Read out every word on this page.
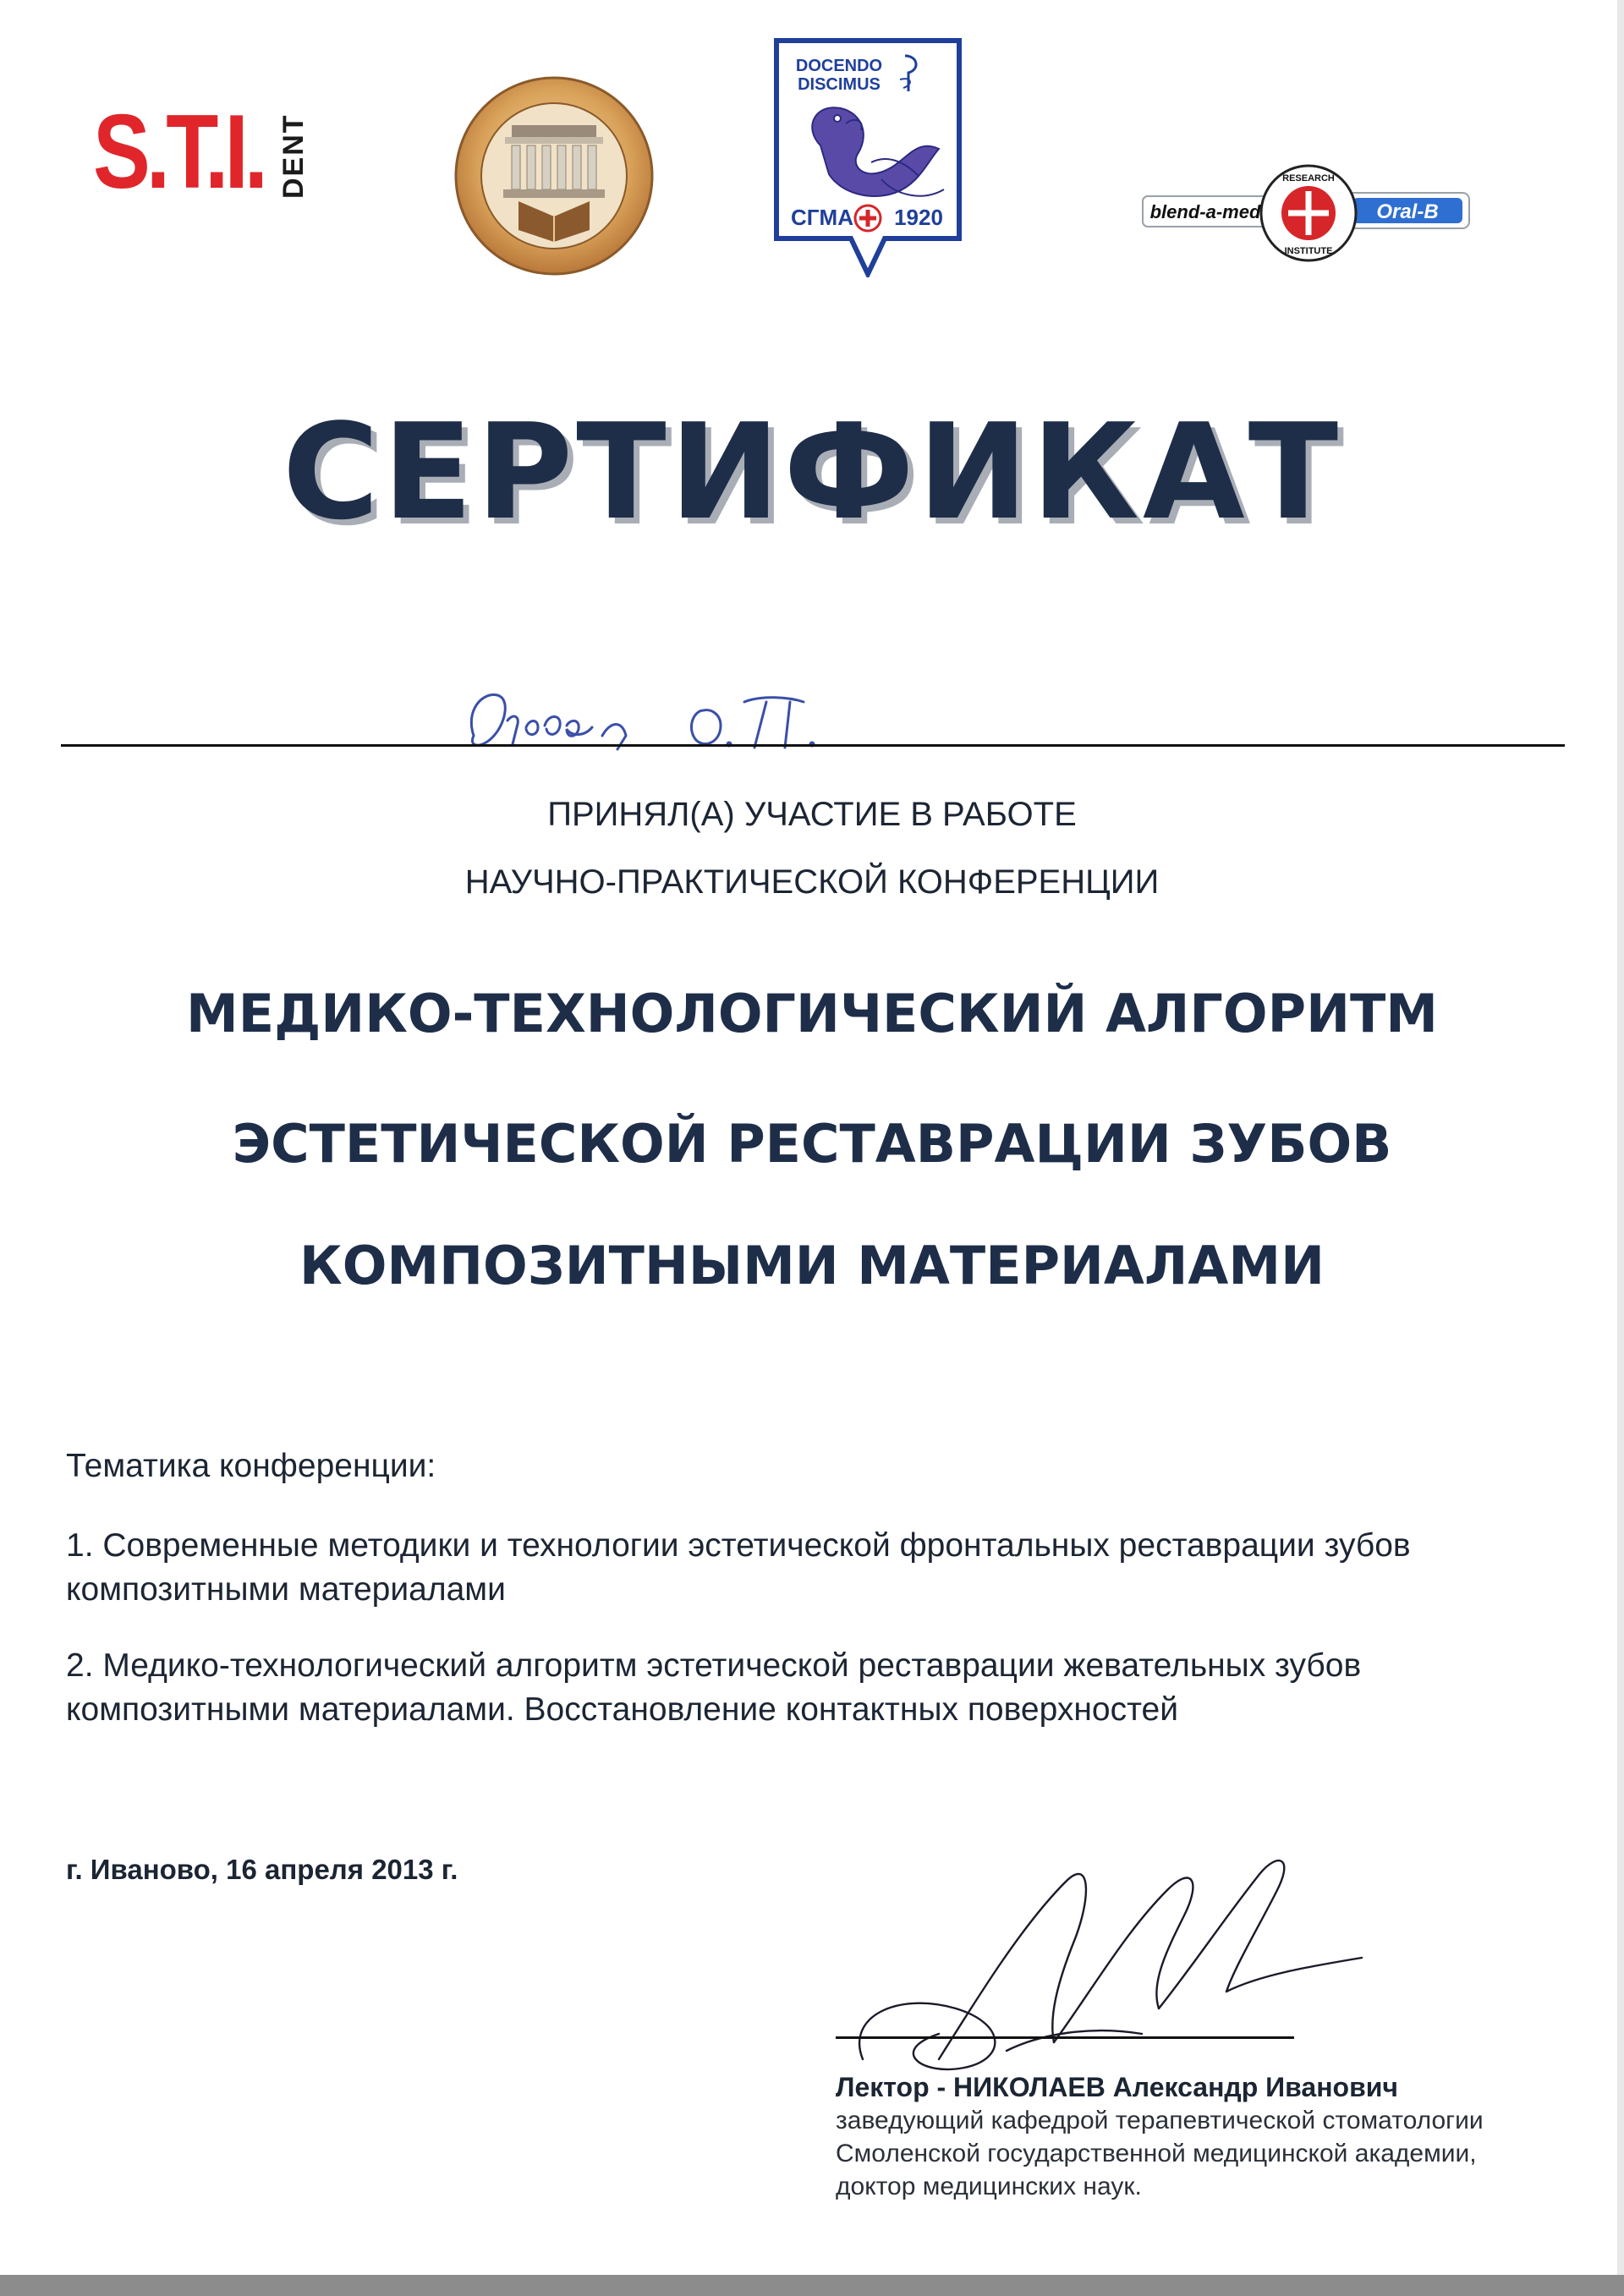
S.T.I. DENT
DOCENDO
DISCIMUS
СГМА 1920	blend-a-med	Oral-B
RESEARCH
INSTITUTE
СЕРТИФИКАТ
ПРИНЯЛ(А) УЧАСТИЕ В РАБОТЕ
НАУЧНО-ПРАКТИЧЕСКОЙ КОНФЕРЕНЦИИ
МЕДИКО-ТЕХНОЛОГИЧЕСКИЙ АЛГОРИТМ
ЭСТЕТИЧЕСКОЙ РЕСТАВРАЦИИ ЗУБОВ
КОМПОЗИТНЫМИ МАТЕРИАЛАМИ
Тематика конференции:
1. Современные методики и технологии эстетической фронтальных реставрации зубов композитными материалами
2. Медико-технологический алгоритм эстетической реставрации жевательных зубов композитными материалами. Восстановление контактных поверхностей
г. Иваново, 16 апреля 2013 г.
Лектор - НИКОЛАЕВ Александр Иванович
заведующий кафедрой терапевтической стоматологии
Смоленской государственной медицинской академии,
доктор медицинских наук.
